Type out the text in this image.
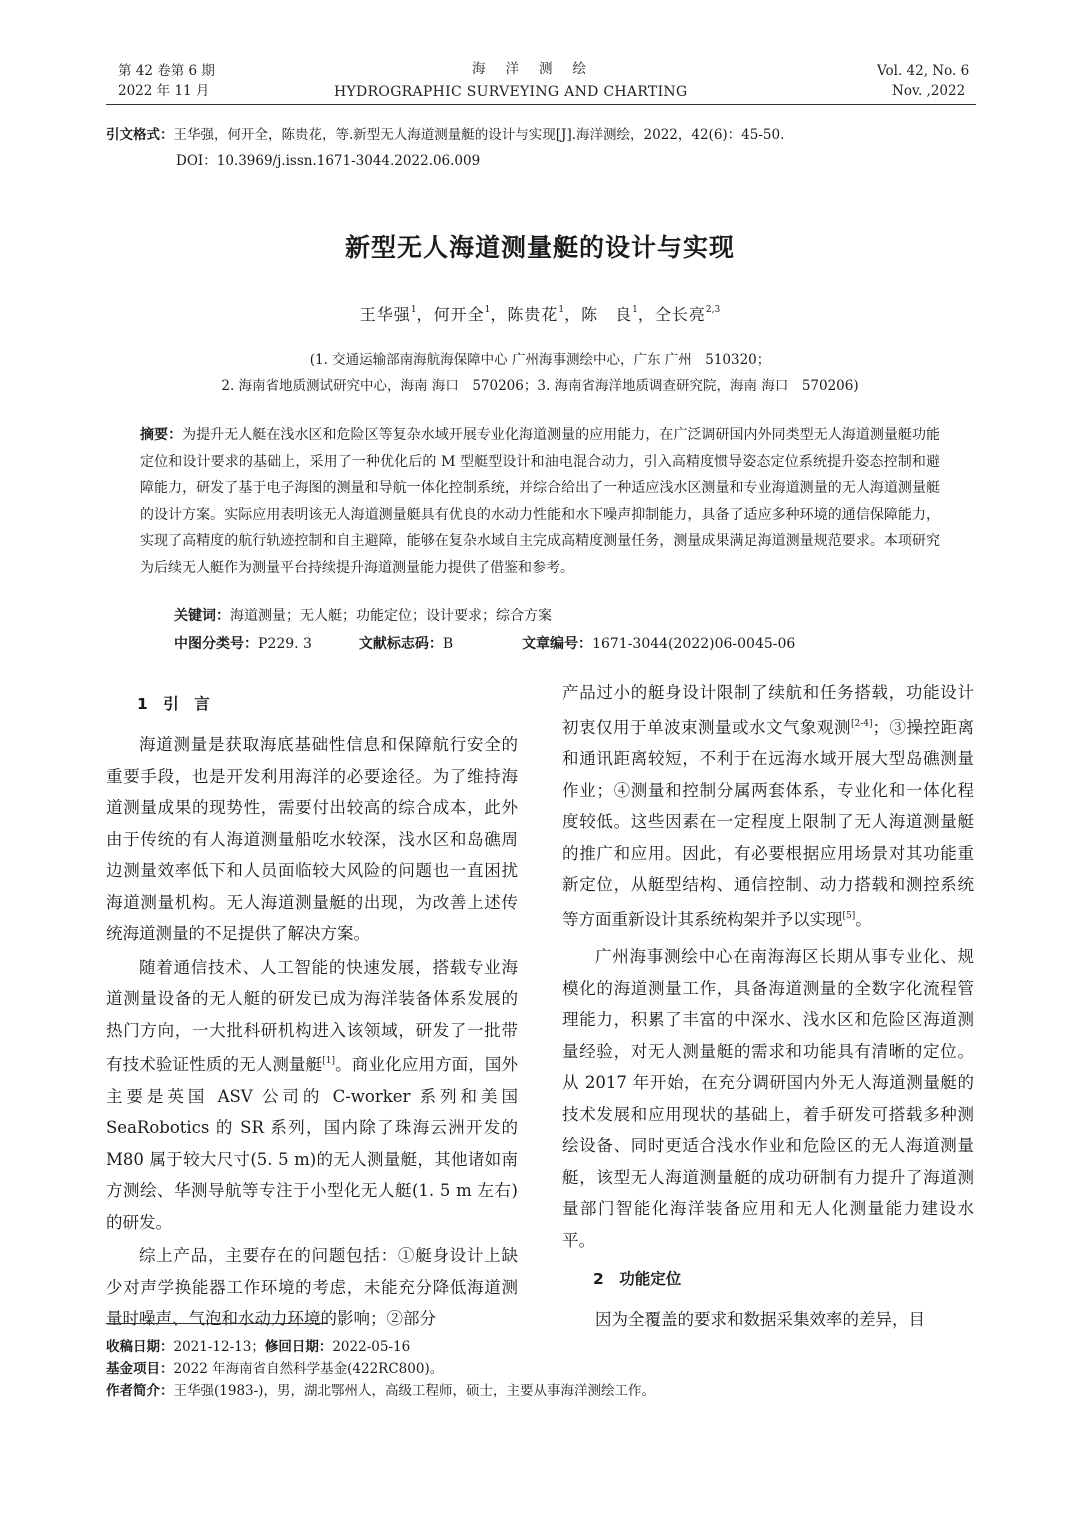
第 42 卷第 6 期
2022 年 11 月
海洋测绘
HYDROGRAPHIC SURVEYING AND CHARTING
Vol. 42, No. 6
Nov. ,2022
引文格式：王华强，何开全，陈贵花，等.新型无人海道测量艇的设计与实现[J].海洋测绘，2022，42(6)：45-50.
DOI：10.3969/j.issn.1671-3044.2022.06.009
新型无人海道测量艇的设计与实现
王华强$^1$，何开全$^1$，陈贵花$^1$，陈　良$^1$，仝长亮$^{2,3}$
(1. 交通运输部南海航海保障中心 广州海事测绘中心，广东 广州　510320；
2. 海南省地质测试研究中心，海南 海口　570206；3. 海南省海洋地质调查研究院，海南 海口　570206)
摘要：为提升无人艇在浅水区和危险区等复杂水域开展专业化海道测量的应用能力，在广泛调研国内外同类型无人海道测量艇功能定位和设计要求的基础上，采用了一种优化后的 M 型艇型设计和油电混合动力，引入高精度惯导姿态定位系统提升姿态控制和避障能力，研发了基于电子海图的测量和导航一体化控制系统，并综合给出了一种适应浅水区测量和专业海道测量的无人海道测量艇的设计方案。实际应用表明该无人海道测量艇具有优良的水动力性能和水下噪声抑制能力，具备了适应多种环境的通信保障能力，实现了高精度的航行轨迹控制和自主避障，能够在复杂水域自主完成高精度测量任务，测量成果满足海道测量规范要求。本项研究为后续无人艇作为测量平台持续提升海道测量能力提供了借鉴和参考。
关键词：海道测量；无人艇；功能定位；设计要求；综合方案
中图分类号：P229. 3	文献标志码：B	文章编号：1671-3044(2022)06-0045-06

1　引　言

海道测量是获取海底基础性信息和保障航行安全的重要手段，也是开发利用海洋的必要途径。为了维持海道测量成果的现势性，需要付出较高的综合成本，此外由于传统的有人海道测量船吃水较深，浅水区和岛礁周边测量效率低下和人员面临较大风险的问题也一直困扰海道测量机构。无人海道测量艇的出现，为改善上述传统海道测量的不足提供了解决方案。

随着通信技术、人工智能的快速发展，搭载专业海道测量设备的无人艇的研发已成为海洋装备体系发展的热门方向，一大批科研机构进入该领域，研发了一批带有技术验证性质的无人测量艇[1]。商业化应用方面，国外主要是英国 ASV 公司的 C-worker 系列和美国 SeaRobotics 的 SR 系列，国内除了珠海云洲开发的 M80 属于较大尺寸(5. 5 m)的无人测量艇，其他诸如南方测绘、华测导航等专注于小型化无人艇(1. 5 m 左右)的研发。

综上产品，主要存在的问题包括：①艇身设计上缺少对声学换能器工作环境的考虑，未能充分降低海道测量时噪声、气泡和水动力环境的影响；②部分

产品过小的艇身设计限制了续航和任务搭载，功能设计初衷仅用于单波束测量或水文气象观测[2-4]；③操控距离和通讯距离较短，不利于在远海水域开展大型岛礁测量作业；④测量和控制分属两套体系，专业化和一体化程度较低。这些因素在一定程度上限制了无人海道测量艇的推广和应用。因此，有必要根据应用场景对其功能重新定位，从艇型结构、通信控制、动力搭载和测控系统等方面重新设计其系统构架并予以实现[5]。

广州海事测绘中心在南海海区长期从事专业化、规模化的海道测量工作，具备海道测量的全数字化流程管理能力，积累了丰富的中深水、浅水区和危险区海道测量经验，对无人测量艇的需求和功能具有清晰的定位。从 2017 年开始，在充分调研国内外无人海道测量艇的技术发展和应用现状的基础上，着手研发可搭载多种测绘设备、同时更适合浅水作业和危险区的无人海道测量艇，该型无人海道测量艇的成功研制有力提升了海道测量部门智能化海洋装备应用和无人化测量能力建设水平。

2　功能定位

因为全覆盖的要求和数据采集效率的差异，目

收稿日期：2021-12-13；修回日期：2022-05-16
基金项目：2022 年海南省自然科学基金(422RC800)。
作者简介：王华强(1983-)，男，湖北鄂州人，高级工程师，硕士，主要从事海洋测绘工作。
